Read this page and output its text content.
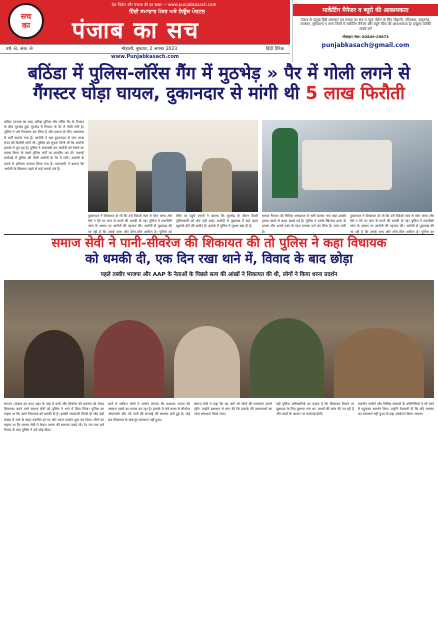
देश विदेश और पंजाब की हर खबर — www.punjabkasach.com
सच
का
ਹਿੰਦੀ ਸਮਾਚਾਰ ਪੱਤਰ ਅਤੇ ਨਿਊਜ਼ ਪੋਰਟਲ
पंजाब का सच
वर्ष -8, अंक -9	मोहाली, बुधवार, 2 अगस्त 2023	हिंदी दैनिक
www.Punjabkasach.com
मार्केटिंग मैनेजर व ब्यूरो की आवश्यकता
पंजाब के प्रमुख हिंदी समाचार पत्र पंजाब का सच व न्यूज पोर्टल के लिए मोहाली, पटियाला, अमृतसर, जालंधर, लुधियाना व अन्य जिलों में मार्केटिंग मैनेजर और ब्यूरो चीफ की आवश्यकता है। इच्छुक व्यक्ति संपर्क करें
मोबाइल नंबर: 82849-25673
punjabkasach@gmail.com
बठिंडा में पुलिस-लॉरेंस गैंग में मुठभेड़ » पैर में गोली लगने से गैंगस्टर घोड़ा घायल, दुकानदार से मांगी थी 5 लाख फिरौती
बठिंडा (पंजाब का सच) बठिंडा पुलिस और लॉरेंस गैंग के गैंगस्टर के बीच मुठभेड़ हुई। मुठभेड़ में गैंगस्टर के पैर में गोली लगी है। पुलिस ने उसे गिरफ्तार कर लिया है और इलाज के लिए अस्पताल में भर्ती कराया गया है। आरोपी ने एक दुकानदार से पांच लाख रुपए की फिरौती मांगी थी। पुलिस को सूचना मिली थी कि आरोपी इलाके में घूम रहा है। पुलिस ने नाकाबंदी कर आरोपी को रोकने का प्रयास किया तो उसने पुलिस पार्टी पर फायरिंग कर दी। जवाबी कार्रवाई में पुलिस की गोली आरोपी के पैर में लगी। आरोपी के कब्जे से हथियार बरामद किया गया है। एसएसपी ने बताया कि आरोपी के खिलाफ पहले से कई मामले दर्ज हैं।
दुकानदार ने शिकायत दी थी कि उसे विदेशी नंबर से फोन आया और पैसे न देने पर जान से मारने की धमकी दी गई। पुलिस ने तकनीकी जांच के आधार पर आरोपी की पहचान की। आरोपी से पूछताछ की जा रही है कि उसके साथ और कौन-कौन शामिल है। पुलिस का
मौके पर पहुंचे एसपी ने बताया कि मुठभेड़ के दौरान किसी पुलिसकर्मी को चोट नहीं आई। आरोपी से पूछताछ में कई अहम खुलासे होने की उम्मीद है। इलाके में पुलिस ने सुरक्षा बढ़ा दी है।
घायल गैंगस्टर को सिविल अस्पताल में भर्ती कराया गया जहां उसकी हालत खतरे से बाहर बताई गई है। पुलिस ने उसके खिलाफ हत्या के प्रयास और आर्म्स एक्ट के तहत मामला दर्ज कर लिया है। जांच जारी है।
दुकानदार ने शिकायत दी थी कि उसे विदेशी नंबर से फोन आया और पैसे न देने पर जान से मारने की धमकी दी गई। पुलिस ने तकनीकी जांच के आधार पर आरोपी की पहचान की। आरोपी से पूछताछ की जा रही है कि उसके साथ और कौन-कौन शामिल है। पुलिस का
समाज सेवी ने पानी-सीवरेज की शिकायत की तो पुलिस ने कहा विधायक
को धमकी दी, एक दिन रखा थाने में, विवाद के बाद छोड़ा
पहले तस्वीर भाजपा और AAP के नेताओं के पिछले सत्य की आंखों ने शिकायत की थी, लोगों ने किया धरना प्रदर्शन
संगरूर (पंजाब का सच) शहर के वार्ड में पानी और सीवरेज की समस्या को लेकर शिकायत करने वाले समाज सेवी को पुलिस ने थाने में बिठा लिया। पुलिस का कहना था कि उसने विधायक को धमकी दी है। इसकी जानकारी मिलते ही लोग बड़ी संख्या में थाने के बाहर एकत्रित हो गए और धरना प्रदर्शन शुरू कर दिया। लोगों का कहना था कि समाज सेवी ने केवल जनता की समस्या उठाई थी। देर रात तक चले विवाद के बाद पुलिस ने उसे छोड़ दिया।
धरने में शामिल लोगों ने आरोप लगाया कि प्रशासन जनता की आवाज दबाने का प्रयास कर रहा है। इलाके में लंबे समय से सीवरेज ओवरफ्लो और गंदे पानी की सप्लाई की समस्या बनी हुई है। कई बार शिकायत के बावजूद समाधान नहीं हुआ।
समाज सेवी ने कहा कि वह आगे भी लोगों की समस्याएं उठाते रहेंगे। उन्होंने प्रशासन से मांग की कि इलाके की समस्याओं का जल्द समाधान किया जाए।
वहीं पुलिस अधिकारियों का कहना है कि शिकायत मिलने पर पूछताछ के लिए बुलाया गया था। मामले की जांच की जा रही है और तथ्यों के आधार पर कार्रवाई होगी।
स्थानीय पार्षदों और विभिन्न संगठनों के प्रतिनिधियों ने भी धरने में पहुंचकर समर्थन दिया। उन्होंने चेतावनी दी कि यदि समस्या का समाधान नहीं हुआ तो बड़ा आंदोलन किया जाएगा।
